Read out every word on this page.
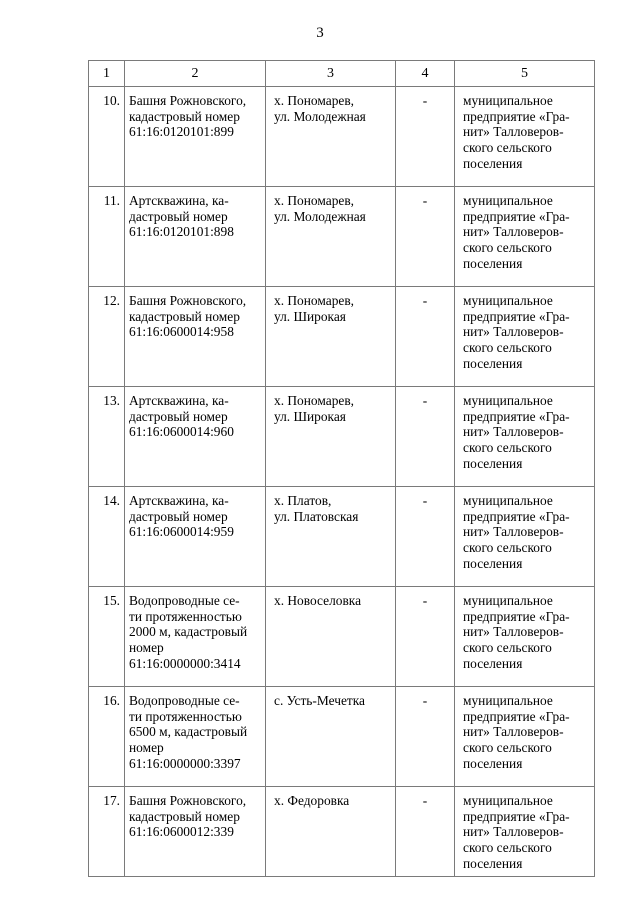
3
1	2	3	4	5
10.	Башня Рожновского,
кадастровый номер
61:16:0120101:899	х. Пономарев,
ул. Молодежная	-	муниципальное
предприятие «Гра-
нит» Талловеров-
ского сельского
поселения

11.	Артскважина, ка-
дастровый номер
61:16:0120101:898	х. Пономарев,
ул. Молодежная	-	муниципальное
предприятие «Гра-
нит» Талловеров-
ского сельского
поселения

12.	Башня Рожновского,
кадастровый номер
61:16:0600014:958	х. Пономарев,
ул. Широкая	-	муниципальное
предприятие «Гра-
нит» Талловеров-
ского сельского
поселения

13.	Артскважина, ка-
дастровый номер
61:16:0600014:960	х. Пономарев,
ул. Широкая	-	муниципальное
предприятие «Гра-
нит» Талловеров-
ского сельского
поселения

14.	Артскважина, ка-
дастровый номер
61:16:0600014:959	х. Платов,
ул. Платовская	-	муниципальное
предприятие «Гра-
нит» Талловеров-
ского сельского
поселения

15.	Водопроводные се-
ти протяженностью
2000 м, кадастровый
номер
61:16:0000000:3414	х. Новоселовка	-	муниципальное
предприятие «Гра-
нит» Талловеров-
ского сельского
поселения

16.	Водопроводные се-
ти протяженностью
6500 м, кадастровый
номер
61:16:0000000:3397	с. Усть-Мечетка	-	муниципальное
предприятие «Гра-
нит» Талловеров-
ского сельского
поселения

17.	Башня Рожновского,
кадастровый номер
61:16:0600012:339	х. Федоровка	-	муниципальное
предприятие «Гра-
нит» Талловеров-
ского сельского
поселения
